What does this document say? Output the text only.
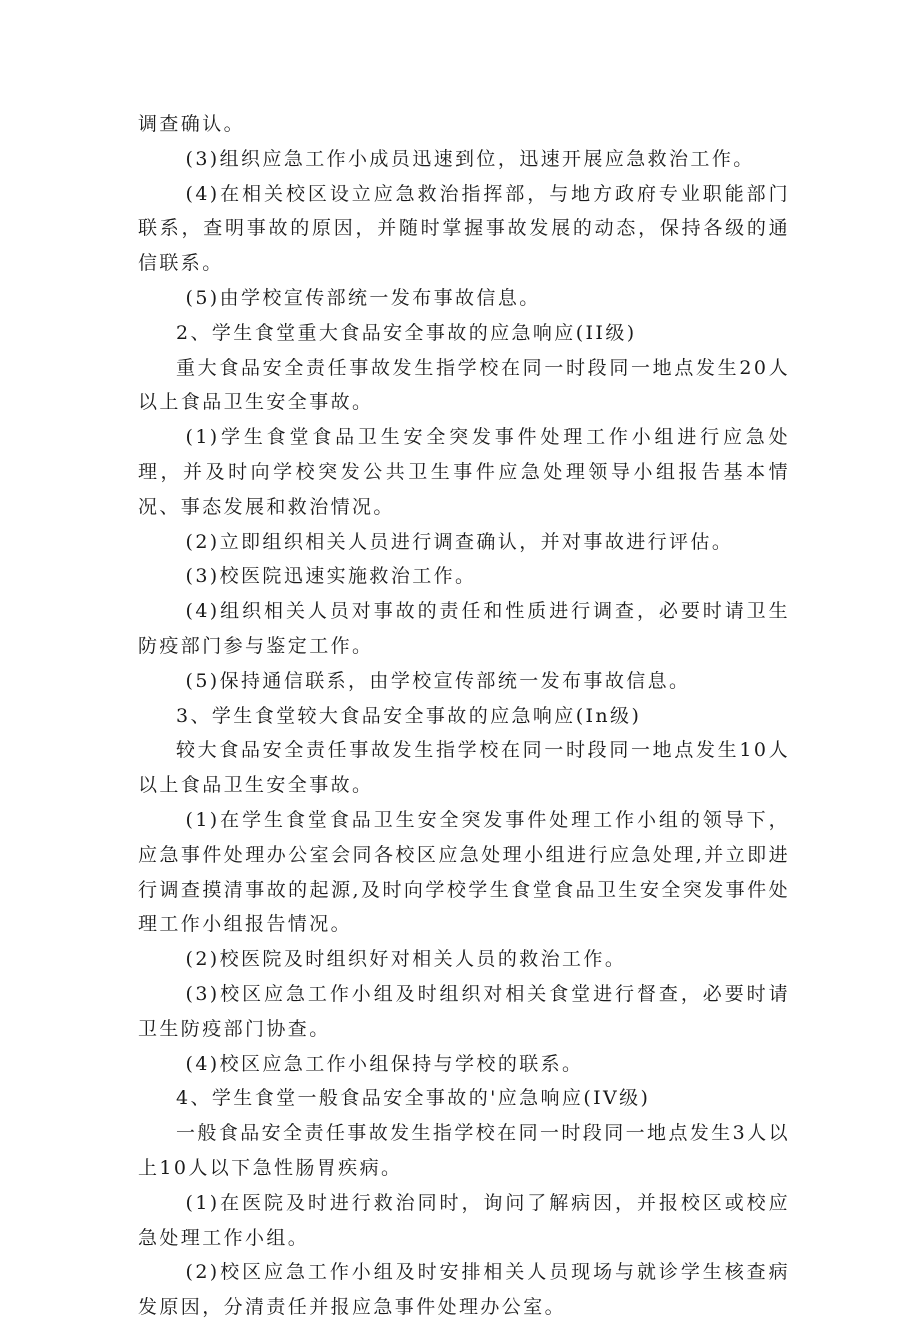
调查确认。

(3)组织应急工作小成员迅速到位，迅速开展应急救治工作。

(4)在相关校区设立应急救治指挥部，与地方政府专业职能部门联系，查明事故的原因，并随时掌握事故发展的动态，保持各级的通信联系。

(5)由学校宣传部统一发布事故信息。

2、学生食堂重大食品安全事故的应急响应(II级)

重大食品安全责任事故发生指学校在同一时段同一地点发生20人以上食品卫生安全事故。

(1)学生食堂食品卫生安全突发事件处理工作小组进行应急处理，并及时向学校突发公共卫生事件应急处理领导小组报告基本情况、事态发展和救治情况。

(2)立即组织相关人员进行调查确认，并对事故进行评估。

(3)校医院迅速实施救治工作。

(4)组织相关人员对事故的责任和性质进行调查，必要时请卫生防疫部门参与鉴定工作。

(5)保持通信联系，由学校宣传部统一发布事故信息。

3、学生食堂较大食品安全事故的应急响应(In级)

较大食品安全责任事故发生指学校在同一时段同一地点发生10人以上食品卫生安全事故。

(1)在学生食堂食品卫生安全突发事件处理工作小组的领导下，应急事件处理办公室会同各校区应急处理小组进行应急处理,并立即进行调查摸清事故的起源,及时向学校学生食堂食品卫生安全突发事件处理工作小组报告情况。

(2)校医院及时组织好对相关人员的救治工作。

(3)校区应急工作小组及时组织对相关食堂进行督查，必要时请卫生防疫部门协查。

(4)校区应急工作小组保持与学校的联系。

4、学生食堂一般食品安全事故的'应急响应(IV级)

一般食品安全责任事故发生指学校在同一时段同一地点发生3人以上10人以下急性肠胃疾病。

(1)在医院及时进行救治同时，询问了解病因，并报校区或校应急处理工作小组。

(2)校区应急工作小组及时安排相关人员现场与就诊学生核查病发原因，分清责任并报应急事件处理办公室。
